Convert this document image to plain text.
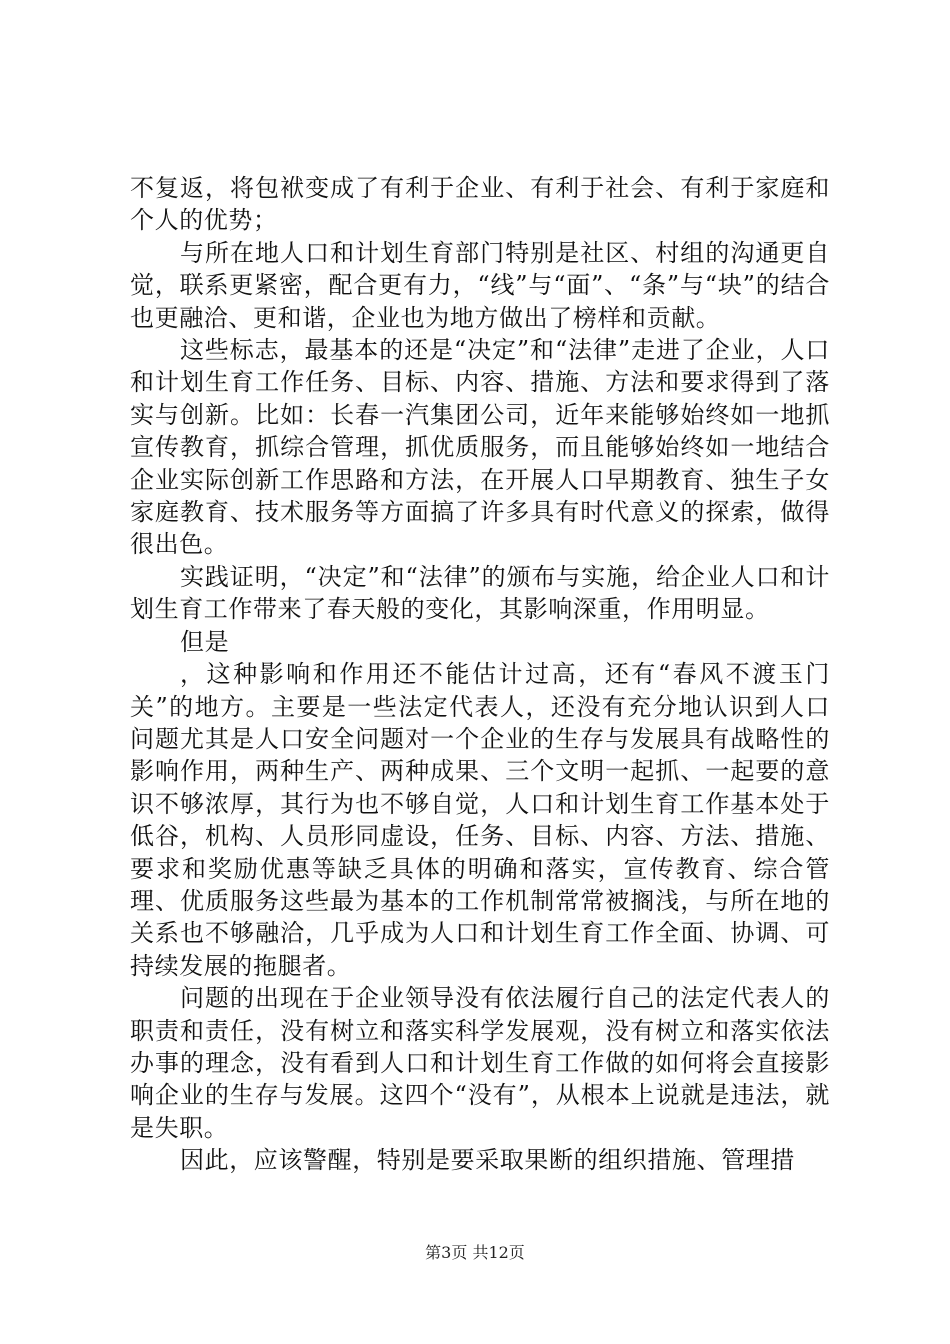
不复返，将包袱变成了有利于企业、有利于社会、有利于家庭和个人的优势；

与所在地人口和计划生育部门特别是社区、村组的沟通更自觉，联系更紧密，配合更有力，“线”与“面”、“条”与“块”的结合也更融洽、更和谐，企业也为地方做出了榜样和贡献。

这些标志，最基本的还是“决定”和“法律”走进了企业，人口和计划生育工作任务、目标、内容、措施、方法和要求得到了落实与创新。比如：长春一汽集团公司，近年来能够始终如一地抓宣传教育，抓综合管理，抓优质服务，而且能够始终如一地结合企业实际创新工作思路和方法，在开展人口早期教育、独生子女家庭教育、技术服务等方面搞了许多具有时代意义的探索，做得很出色。

实践证明，“决定”和“法律”的颁布与实施，给企业人口和计划生育工作带来了春天般的变化，其影响深重，作用明显。

但是

，这种影响和作用还不能估计过高，还有“春风不渡玉门关”的地方。主要是一些法定代表人，还没有充分地认识到人口问题尤其是人口安全问题对一个企业的生存与发展具有战略性的影响作用，两种生产、两种成果、三个文明一起抓、一起要的意识不够浓厚，其行为也不够自觉，人口和计划生育工作基本处于低谷，机构、人员形同虚设，任务、目标、内容、方法、措施、要求和奖励优惠等缺乏具体的明确和落实，宣传教育、综合管理、优质服务这些最为基本的工作机制常常被搁浅，与所在地的关系也不够融洽，几乎成为人口和计划生育工作全面、协调、可持续发展的拖腿者。

问题的出现在于企业领导没有依法履行自己的法定代表人的职责和责任，没有树立和落实科学发展观，没有树立和落实依法办事的理念，没有看到人口和计划生育工作做的如何将会直接影响企业的生存与发展。这四个“没有”，从根本上说就是违法，就是失职。

因此，应该警醒，特别是要采取果断的组织措施、管理措

第3页 共12页
